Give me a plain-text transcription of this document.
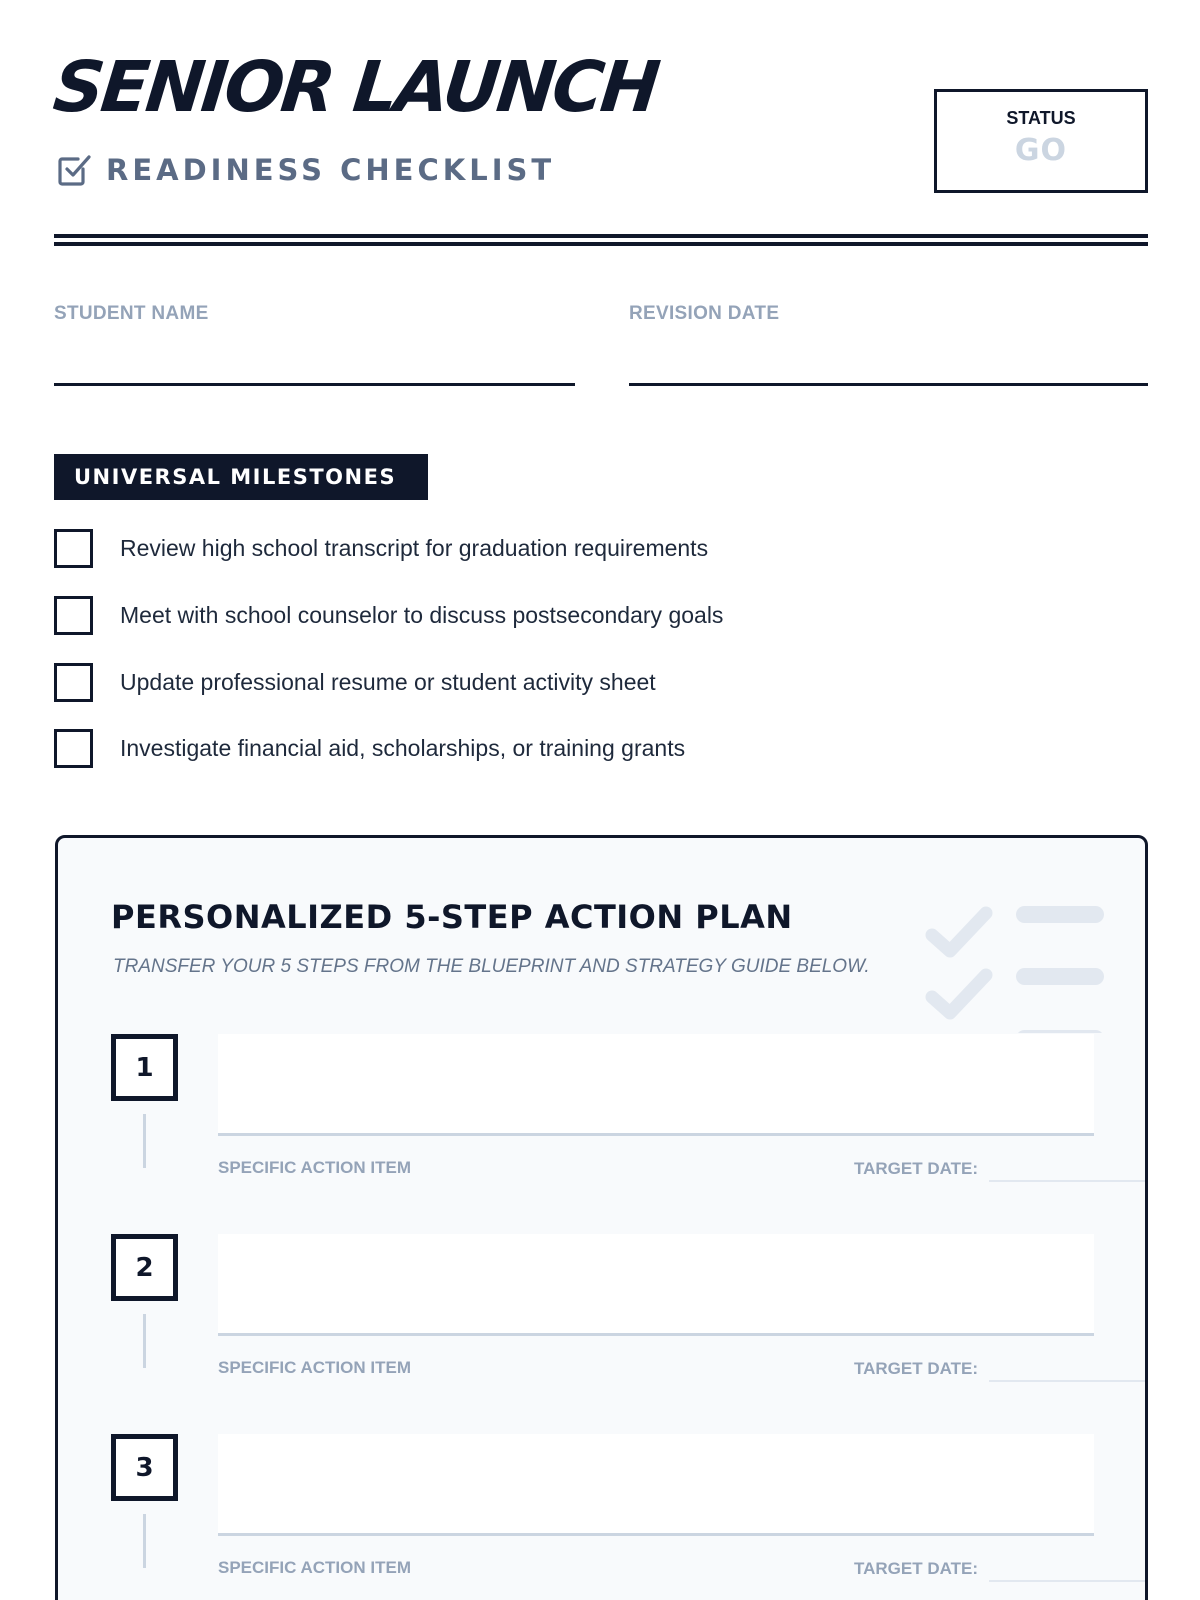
SENIOR LAUNCH
READINESS CHECKLIST
STATUS
GO
STUDENT NAME	REVISION DATE
UNIVERSAL MILESTONES
Review high school transcript for graduation requirements
Meet with school counselor to discuss postsecondary goals
Update professional resume or student activity sheet
Investigate financial aid, scholarships, or training grants
PERSONALIZED 5-STEP ACTION PLAN
TRANSFER YOUR 5 STEPS FROM THE BLUEPRINT AND STRATEGY GUIDE BELOW.
1
SPECIFIC ACTION ITEM	TARGET DATE:
2
SPECIFIC ACTION ITEM	TARGET DATE:
3
SPECIFIC ACTION ITEM	TARGET DATE:
